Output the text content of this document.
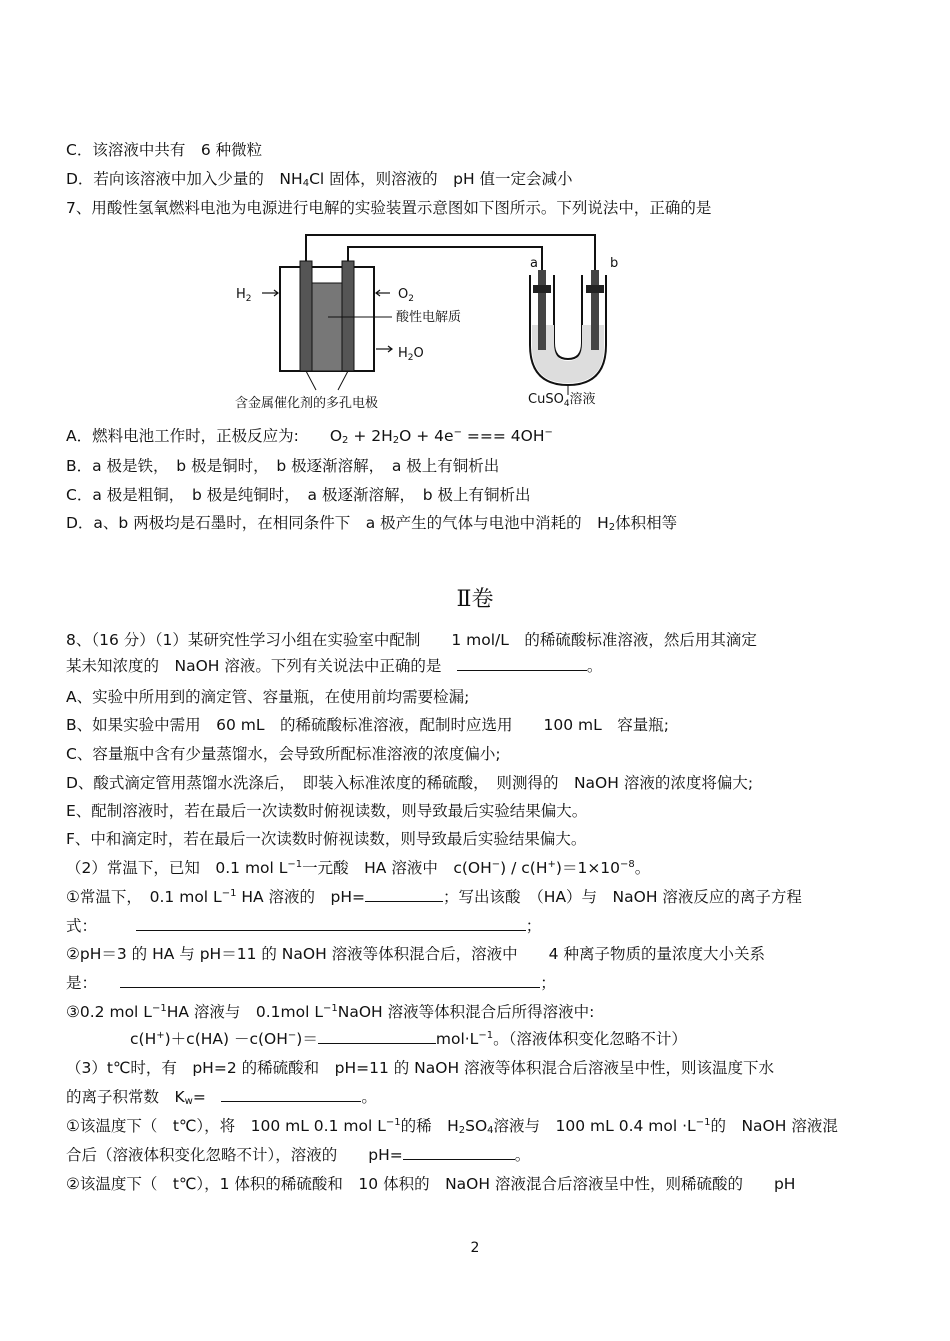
C．该溶液中共有　6 种微粒
D．若向该溶液中加入少量的　$NH_4Cl$ 固体，则溶液的　pH 值一定会减小
7、用酸性氢氧燃料电池为电源进行电解的实验装置示意图如下图所示。下列说法中，正确的是
$H_2$	$O_2$
酸性电解质
$H_2O$
含金属催化剂的多孔电极
a	b
CuSO$_4$溶液
A．燃料电池工作时，正极反应为:　　$O_2 + 2H_2O + 4e^-$ === 4OH−
B．a 极是铁，　b 极是铜时，　b 极逐渐溶解，　a 极上有铜析出
C．a 极是粗铜，　b 极是纯铜时，　a 极逐渐溶解，　b 极上有铜析出
D．a、b 两极均是石墨时，在相同条件下　a 极产生的气体与电池中消耗的　$H_2$体积相等
Ⅱ卷
8、（16 分）（1）某研究性学习小组在实验室中配制　　1 mol/L　的稀硫酸标准溶液，然后用其滴定
某未知浓度的　NaOH 溶液。下列有关说法中正确的是　	。
A、实验中所用到的滴定管、容量瓶，在使用前均需要检漏;
B、如果实验中需用　60 mL　的稀硫酸标准溶液，配制时应选用　　100 mL　容量瓶;
C、容量瓶中含有少量蒸馏水，会导致所配标准溶液的浓度偏小;
D、酸式滴定管用蒸馏水洗涤后，　即装入标准浓度的稀硫酸，　则测得的　NaOH 溶液的浓度将偏大;
E、配制溶液时，若在最后一次读数时俯视读数，则导致最后实验结果偏大。
F、中和滴定时，若在最后一次读数时俯视读数，则导致最后实验结果偏大。
（2）常温下，已知　0.1 mol $L^{-1}$一元酸　HA 溶液中　$c(OH^-) / c(H^+)=1\times 10^{-8}$。
①常温下，　0.1 mol $L^{-1}$ HA 溶液的　pH=	；写出该酸　（HA）与　NaOH 溶液反应的离子方程
式：　　　	；
②pH＝3 的 HA 与 pH＝11 的 NaOH 溶液等体积混合后，溶液中　　4 种离子物质的量浓度大小关系
是：　　	；
③0.2 mol $L^{-1}HA$ 溶液与　0.1mol $L^{-1}NaOH$ 溶液等体积混合后所得溶液中:
c(H+)＋c(HA) －c(OH−)＝	$mol\cdot L^{-1}$。（溶液体积变化忽略不计）
（3）t℃时，有　pH=2 的稀硫酸和　pH=11 的 NaOH 溶液等体积混合后溶液呈中性，则该温度下水
的离子积常数　$K_w=$　	。
①该温度下（　t℃），将　100 mL 0.1 mol $L^{-1}$的稀　$H_2SO_4$溶液与　100 mL 0.4 mol $\cdot L^{-1}$的　NaOH 溶液混
合后（溶液体积变化忽略不计），溶液的　　pH=	。
②该温度下（　t℃），1 体积的稀硫酸和　10 体积的　NaOH 溶液混合后溶液呈中性，则稀硫酸的　　pH
2
